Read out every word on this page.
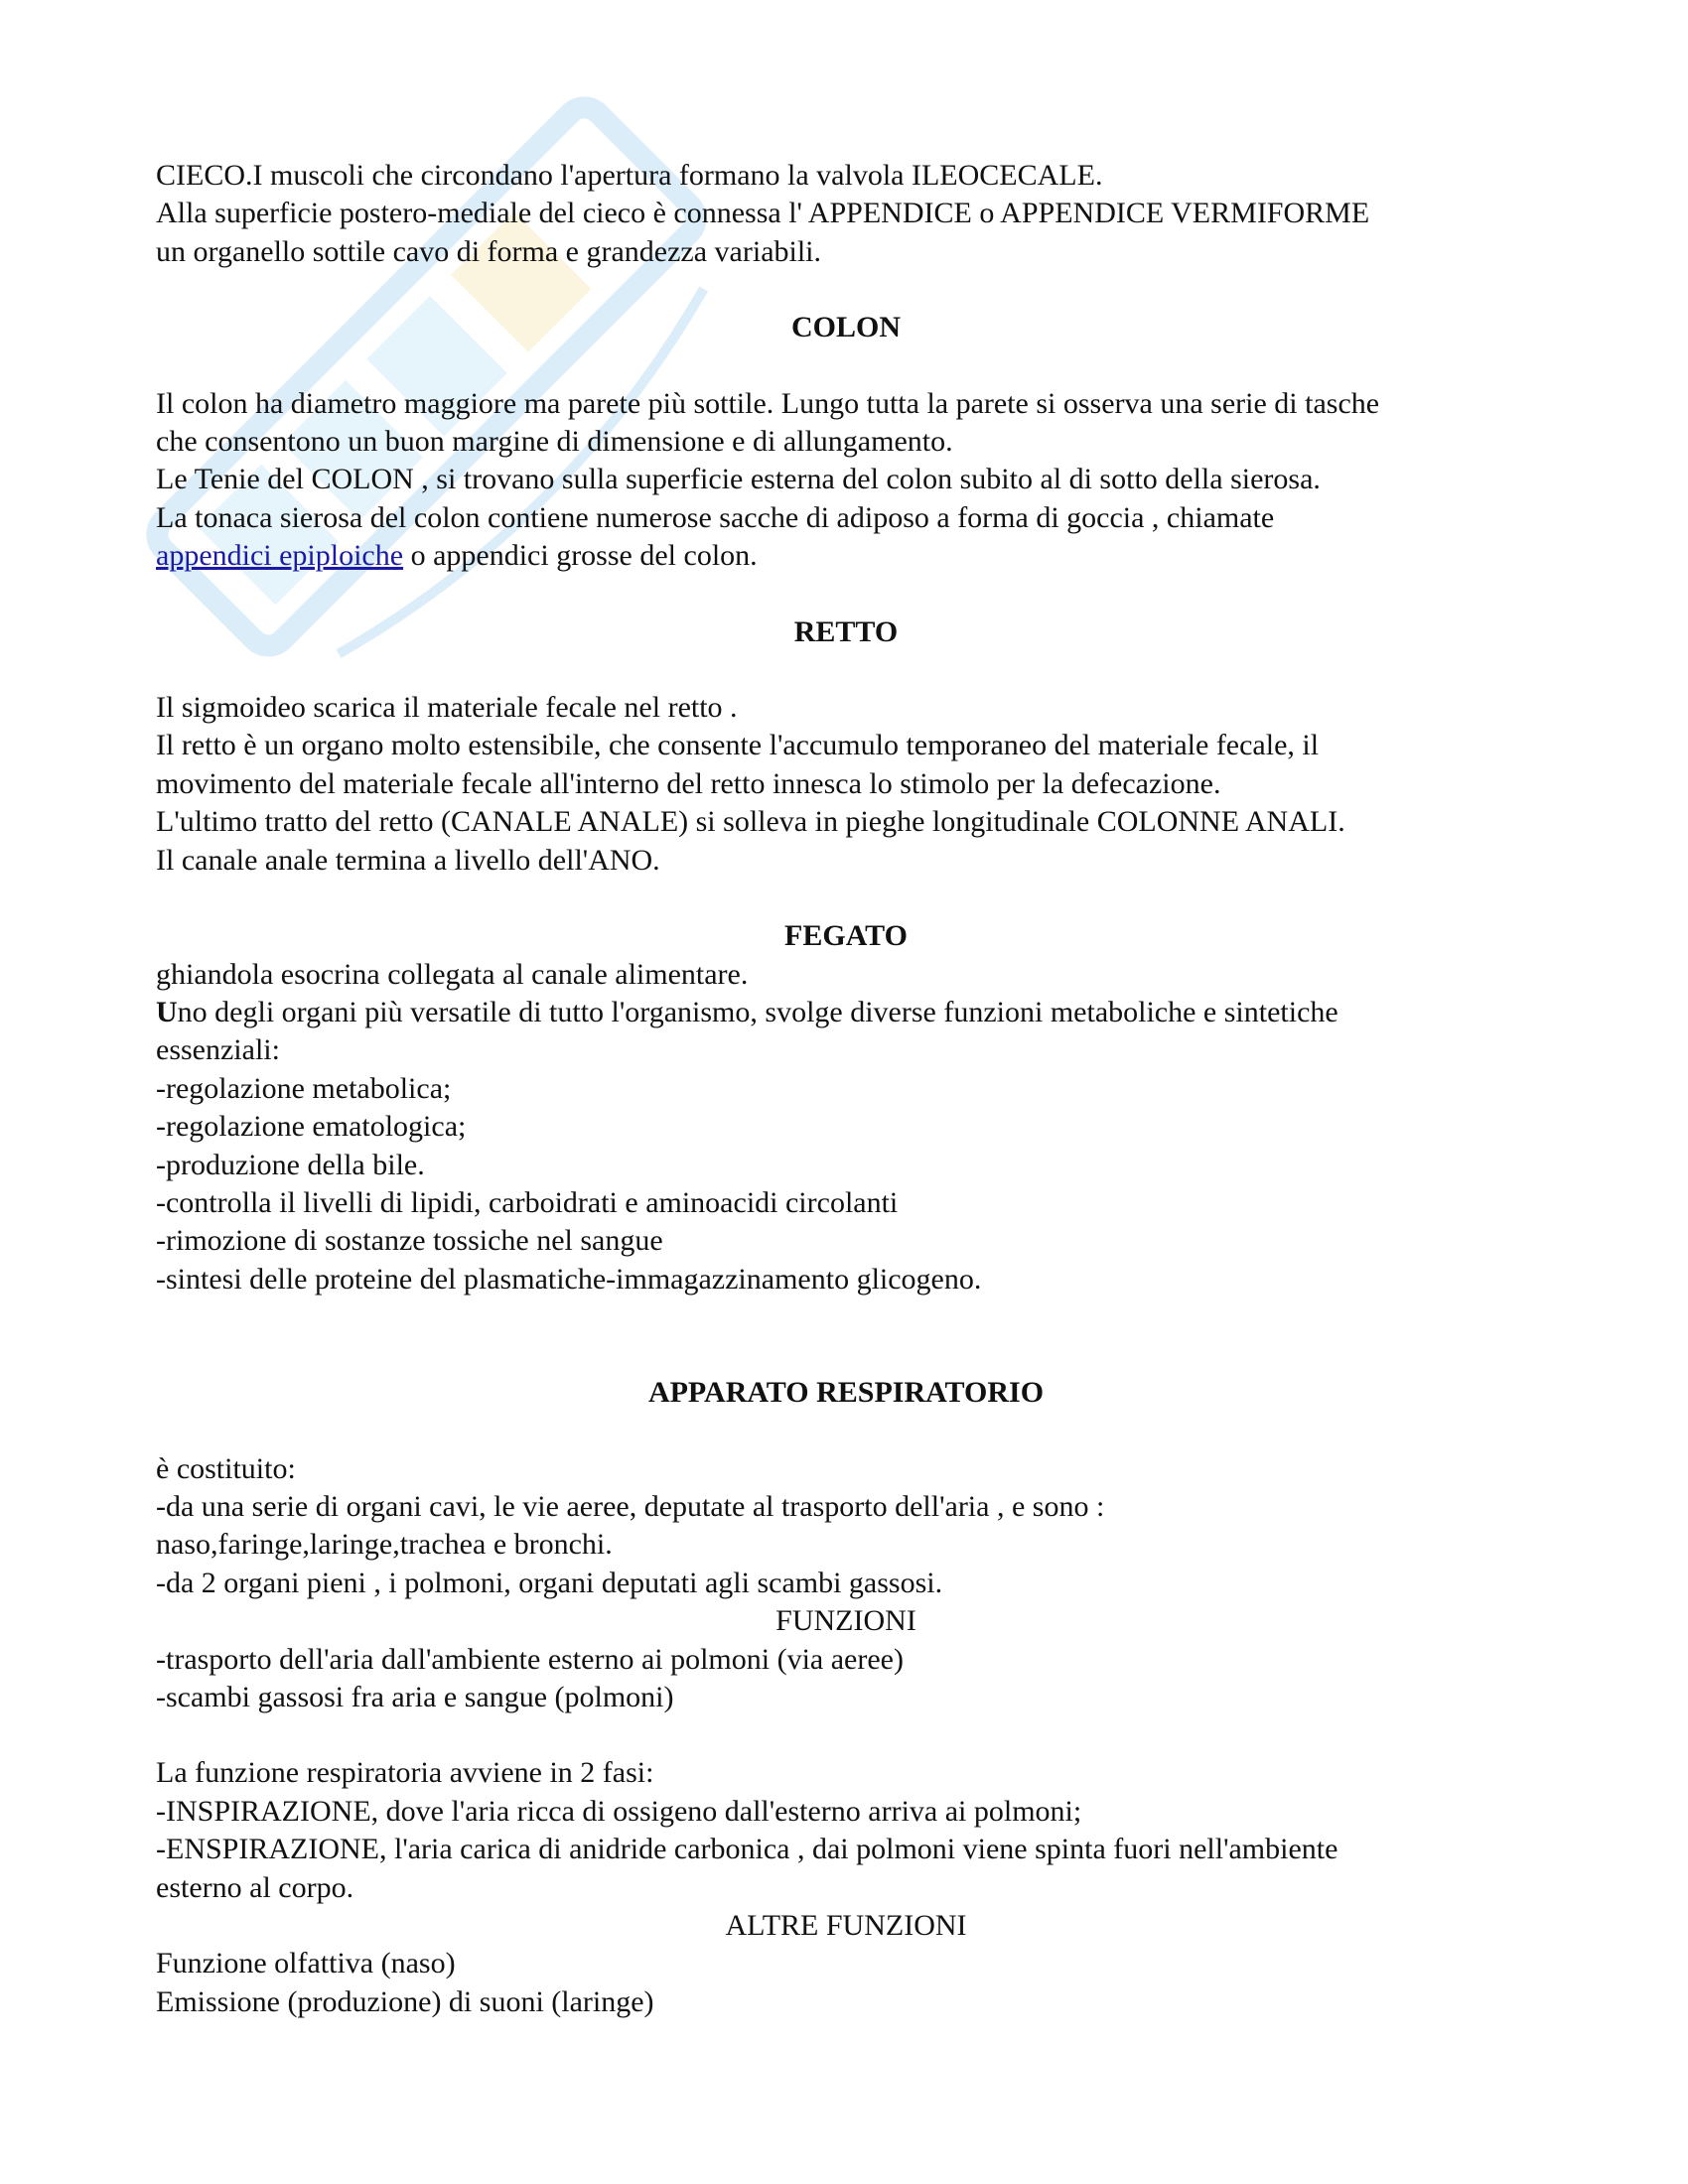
CIECO.I muscoli che circondano l'apertura formano la valvola ILEOCECALE.

Alla superficie postero-mediale del cieco è connessa l' APPENDICE o APPENDICE VERMIFORME

un organello sottile cavo di forma e grandezza variabili.

COLON

Il colon ha diametro maggiore ma parete più sottile. Lungo tutta la parete si osserva una serie di tasche

che consentono un buon margine di dimensione e di allungamento.

Le Tenie del COLON , si trovano sulla superficie esterna del colon subito al di sotto della sierosa.

La tonaca sierosa del colon contiene numerose sacche di adiposo a forma di goccia , chiamate

appendici epiploiche o appendici grosse del colon.

RETTO

Il sigmoideo scarica il materiale fecale nel retto .

Il retto è un organo molto estensibile, che consente l'accumulo temporaneo del materiale fecale, il

movimento del materiale fecale all'interno del retto innesca lo stimolo per la defecazione.

L'ultimo tratto del retto (CANALE ANALE) si solleva in pieghe longitudinale COLONNE ANALI.

Il canale anale termina a livello dell'ANO.

FEGATO

ghiandola esocrina collegata al canale alimentare.

Uno degli organi più versatile di tutto l'organismo, svolge diverse funzioni metaboliche e sintetiche

essenziali:

-regolazione metabolica;

-regolazione ematologica;

-produzione della bile.

-controlla il livelli di lipidi, carboidrati e aminoacidi circolanti

-rimozione di sostanze tossiche nel sangue

-sintesi delle proteine del plasmatiche-immagazzinamento glicogeno.

APPARATO RESPIRATORIO

è costituito:

-da una serie di organi cavi, le vie aeree, deputate al trasporto dell'aria , e sono :

naso,faringe,laringe,trachea e bronchi.

-da 2 organi pieni , i polmoni, organi deputati agli scambi gassosi.

FUNZIONI

-trasporto dell'aria dall'ambiente esterno ai polmoni (via aeree)

-scambi gassosi fra aria e sangue (polmoni)

La funzione respiratoria avviene in 2 fasi:

-INSPIRAZIONE, dove l'aria ricca di ossigeno dall'esterno arriva ai polmoni;

-ENSPIRAZIONE, l'aria carica di anidride carbonica , dai polmoni viene spinta fuori nell'ambiente

esterno al corpo.

ALTRE FUNZIONI

Funzione olfattiva (naso)

Emissione (produzione) di suoni (laringe)
